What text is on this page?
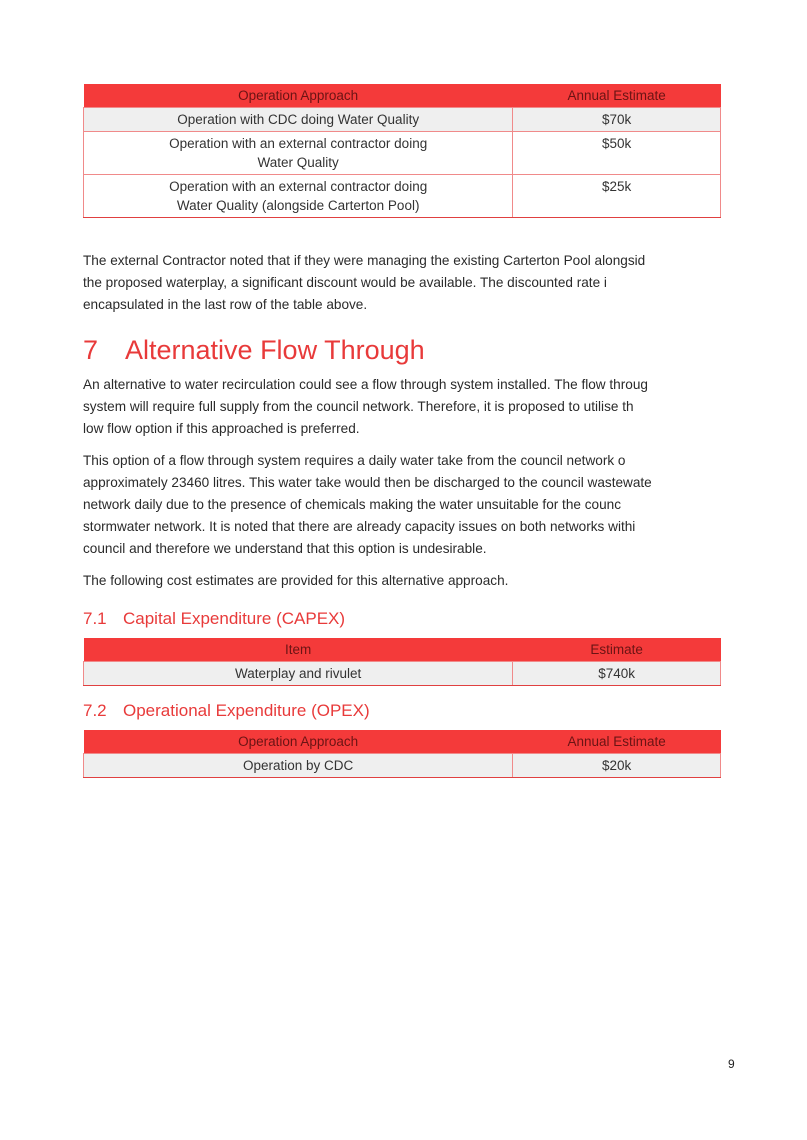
Operation Approach	Annual Estimate
Operation with CDC doing Water Quality	$70k
Operation with an external contractor doing
Water Quality	$50k
Operation with an external contractor doing
Water Quality (alongside Carterton Pool)	$25k

The external Contractor noted that if they were managing the existing Carterton Pool alongsid
the proposed waterplay, a significant discount would be available. The discounted rate i
encapsulated in the last row of the table above.

7 Alternative Flow Through

An alternative to water recirculation could see a flow through system installed. The flow throug
system will require full supply from the council network. Therefore, it is proposed to utilise th
low flow option if this approached is preferred.

This option of a flow through system requires a daily water take from the council network o
approximately 23460 litres. This water take would then be discharged to the council wastewate
network daily due to the presence of chemicals making the water unsuitable for the counc
stormwater network. It is noted that there are already capacity issues on both networks withi
council and therefore we understand that this option is undesirable.

The following cost estimates are provided for this alternative approach.

7.1 Capital Expenditure (CAPEX)
Item	Estimate
Waterplay and rivulet	$740k
7.2 Operational Expenditure (OPEX)
Operation Approach	Annual Estimate
Operation by CDC	$20k
9
